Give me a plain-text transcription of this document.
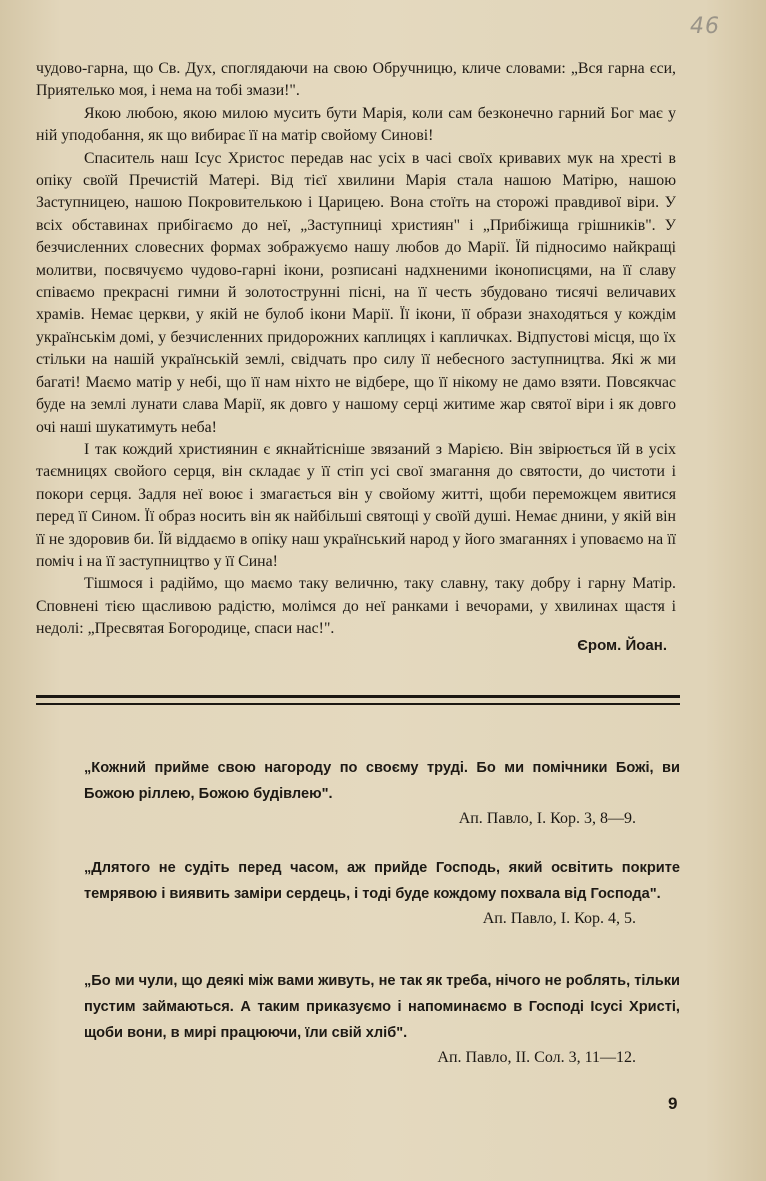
46

чудово-гарна, що Св. Дух, споглядаючи на свою Обручницю, кличе словами: „Вся гарна єси, Приятелько моя, і нема на тобі змази!".

Якою любою, якою милою мусить бути Марія, коли сам безконечно гарний Бог має у ній уподобання, як що вибирає її на матір свойому Синові!

Спаситель наш Ісус Христос передав нас усіх в часі своїх кривавих мук на хресті в опіку своїй Пречистій Матері. Від тієї хвилини Марія стала нашою Матірю, нашою Заступницею, нашою Покровителькою і Царицею. Вона стоїть на сторожі правдивої віри. У всіх обставинах прибігаємо до неї, „Заступниці християн" і „Прибіжища грішників". У безчисленних словесних формах зображуємо нашу любов до Марії. Їй підносимо найкращі молитви, посвячуємо чудово-гарні ікони, розписані надхненими іконописцями, на її славу співаємо прекрасні гимни й золотострунні пісні, на її честь збудовано тисячі величавих храмів. Немає церкви, у якій не булоб ікони Марії. Її ікони, її образи знаходяться у кождім українськім домі, у безчисленних придорожних каплицях і капличках. Відпустові місця, що їх стільки на нашій українській землі, свідчать про силу її небесного заступництва. Які ж ми багаті! Маємо матір у небі, що її нам ніхто не відбере, що її нікому не дамо взяти. Повсякчас буде на землі лунати слава Марії, як довго у нашому серці житиме жар святої віри і як довго очі наші шукатимуть неба!

І так кождий християнин є якнайтісніше звязаний з Марією. Він звірюється їй в усіх таємницях свойого серця, він складає у її стіп усі свої змагання до святости, до чистоти і покори серця. Задля неї воює і змагається він у свойому житті, щоби переможцем явитися перед її Сином. Її образ носить він як найбільші святощі у своїй душі. Немає днини, у якій він її не здоровив би. Їй віддаємо в опіку наш український народ у його змаганнях і уповаємо на її поміч і на її заступництво у її Сина!

Тішмося і радіймо, що маємо таку величню, таку славну, таку добру і гарну Матір. Сповнені тією щасливою радістю, молімся до неї ранками і вечорами, у хвилинах щастя і недолі: „Пресвятая Богородице, спаси нас!".

Єром. Йоан.

„Кожний прийме свою нагороду по своєму труді. Бо ми помічники Божі, ви Божою ріллею, Божою будівлею".

Ап. Павло, І. Кор. 3, 8—9.

„Длятого не судіть перед часом, аж прийде Господь, який освітить покрите темрявою і виявить заміри сердець, і тоді буде кождому похвала від Господа".

Ап. Павло, І. Кор. 4, 5.

„Бо ми чули, що деякі між вами живуть, не так як треба, нічого не роблять, тільки пустим займаються. А таким приказуємо і напоминаємо в Господі Ісусі Христі, щоби вони, в мирі працюючи, їли свій хліб".

Ап. Павло, II. Сол. 3, 11—12.

9
